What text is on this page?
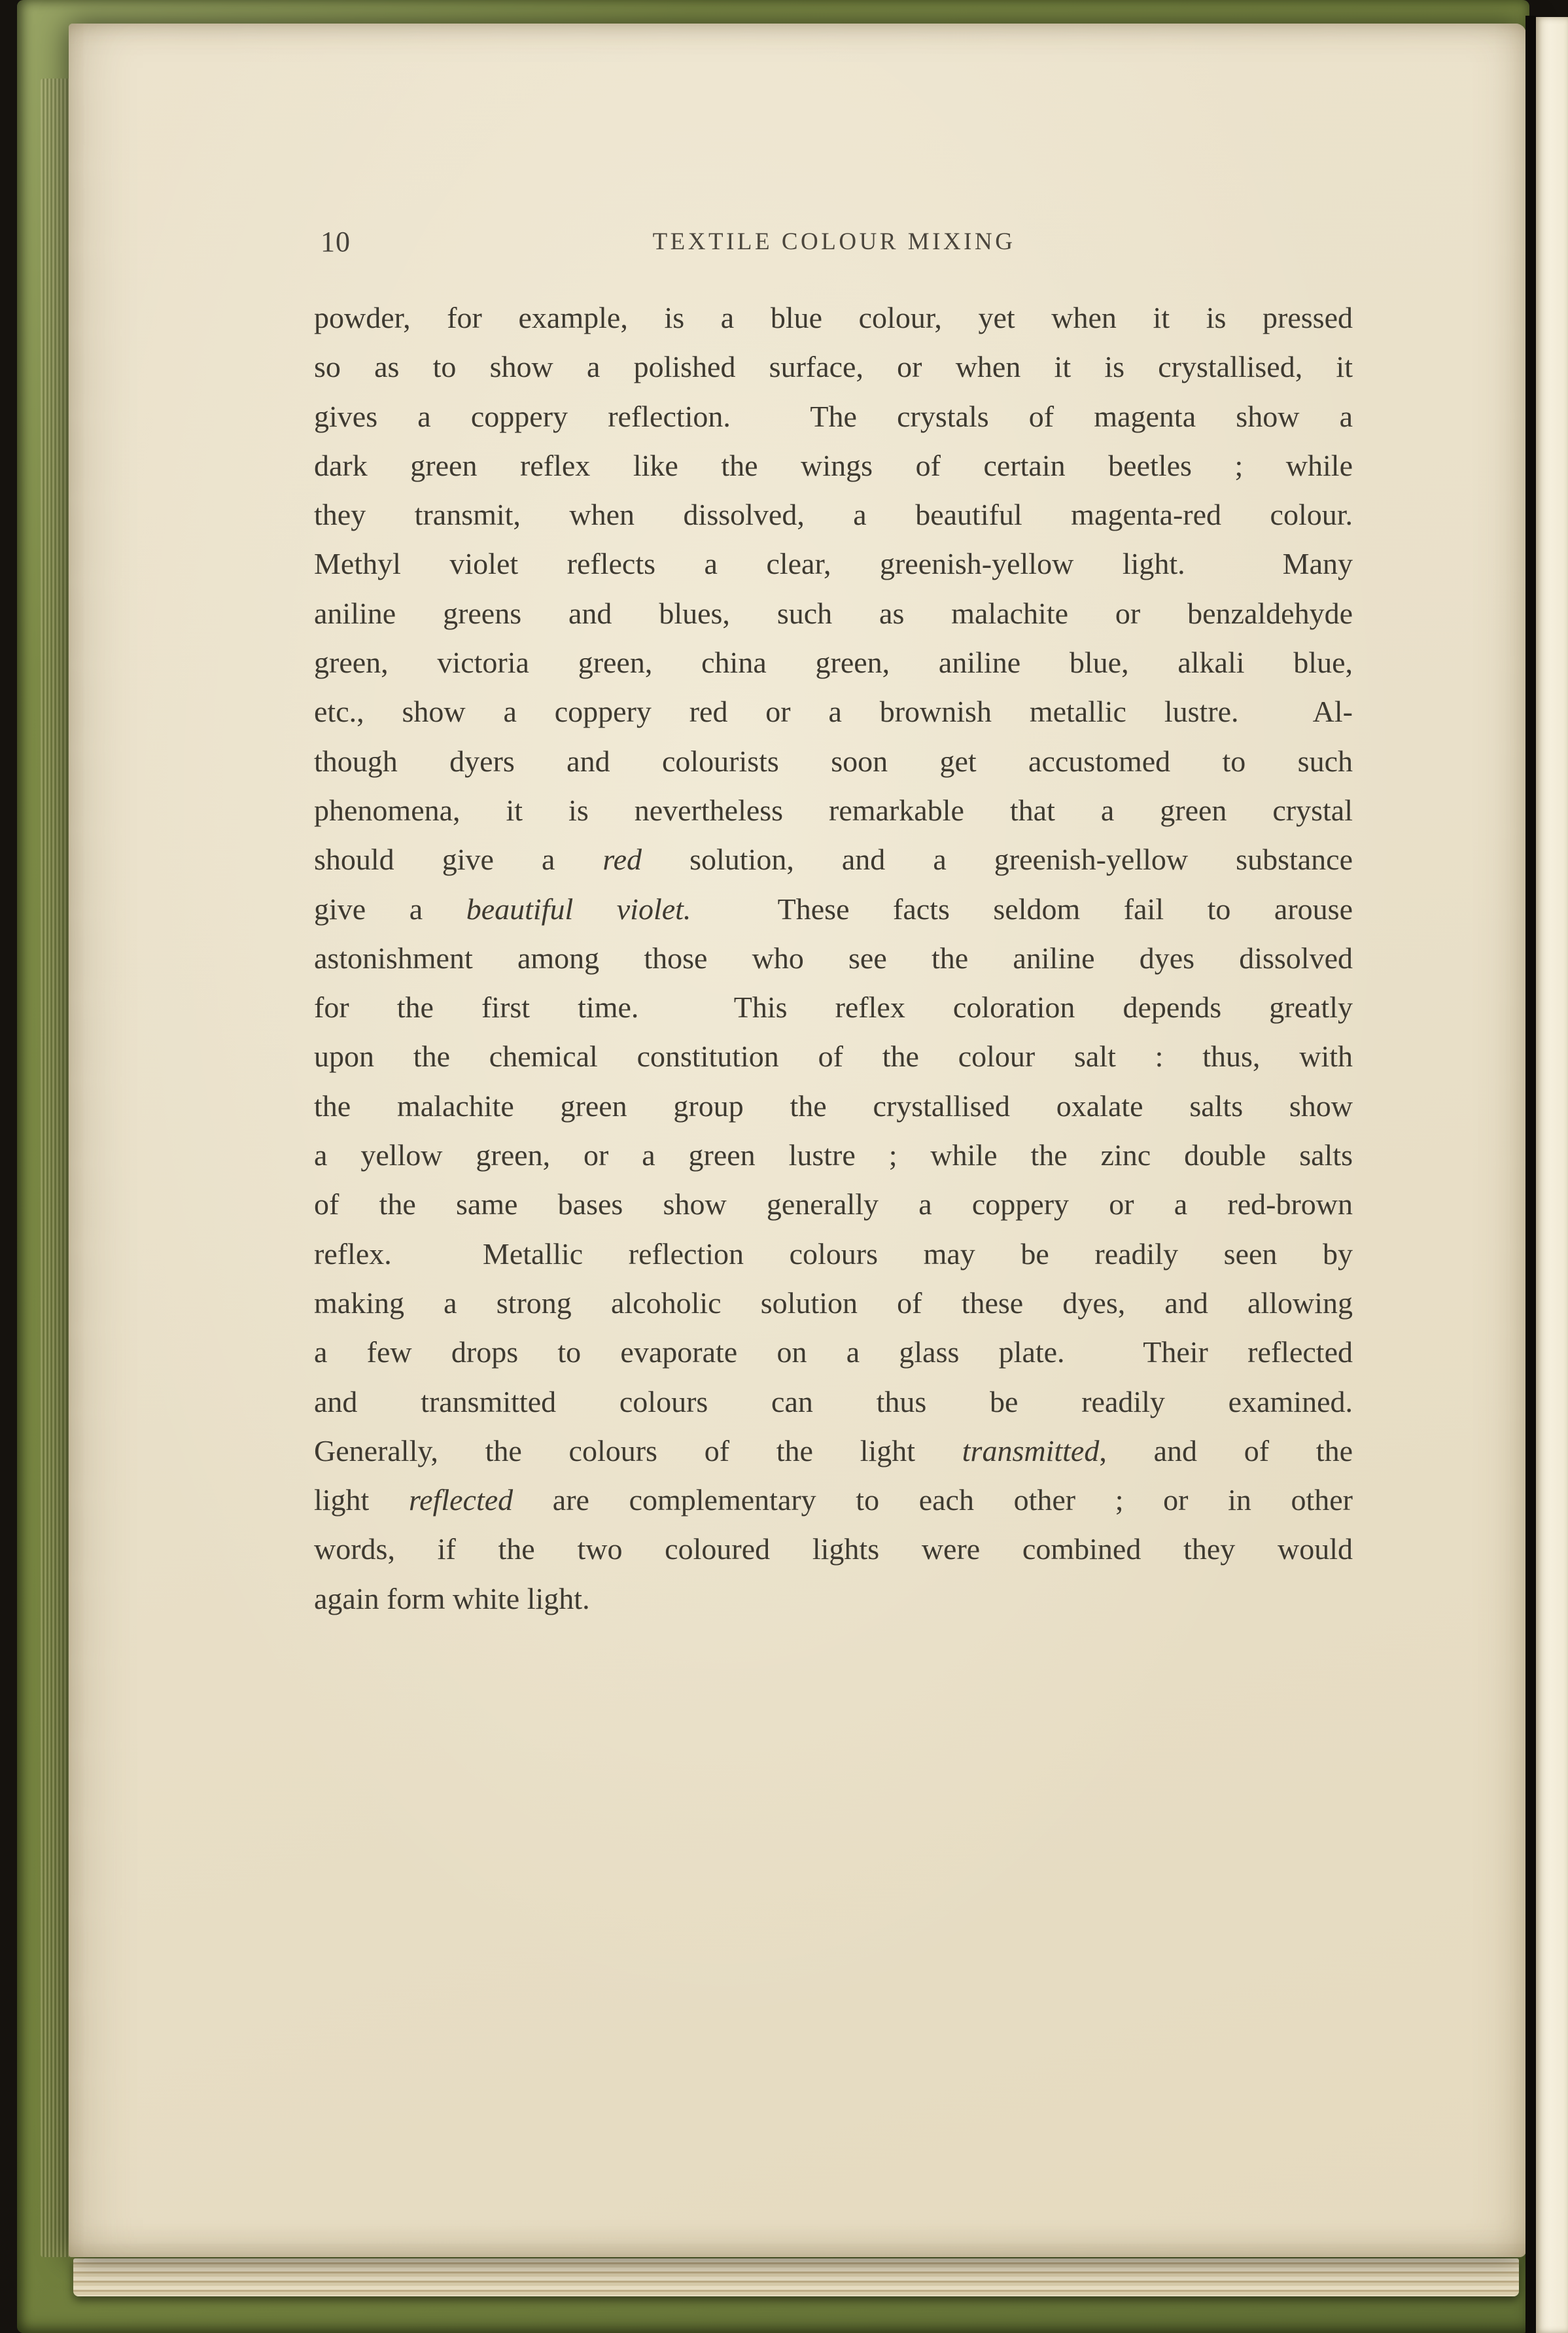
10	TEXTILE COLOUR MIXING
powder, for example, is a blue colour, yet when it is pressed
so as to show a polished surface, or when it is crystallised, it
gives a coppery reflection.  The crystals of magenta show a
dark green reflex like the wings of certain beetles ; while
they transmit, when dissolved, a beautiful magenta-red colour.
Methyl violet reflects a clear, greenish-yellow light.  Many
aniline greens and blues, such as malachite or benzaldehyde
green, victoria green, china green, aniline blue, alkali blue,
etc., show a coppery red or a brownish metallic lustre.  Al-
though dyers and colourists soon get accustomed to such
phenomena, it is nevertheless remarkable that a green crystal
should give a red solution, and a greenish-yellow substance
give a beautiful violet.  These facts seldom fail to arouse
astonishment among those who see the aniline dyes dissolved
for the first time.  This reflex coloration depends greatly
upon the chemical constitution of the colour salt : thus, with
the malachite green group the crystallised oxalate salts show
a yellow green, or a green lustre ; while the zinc double salts
of the same bases show generally a coppery or a red-brown
reflex.  Metallic reflection colours may be readily seen by
making a strong alcoholic solution of these dyes, and allowing
a few drops to evaporate on a glass plate.  Their reflected
and transmitted colours can thus be readily examined.
Generally, the colours of the light transmitted, and of the
light reflected are complementary to each other ; or in other
words, if the two coloured lights were combined they would
again form white light.
